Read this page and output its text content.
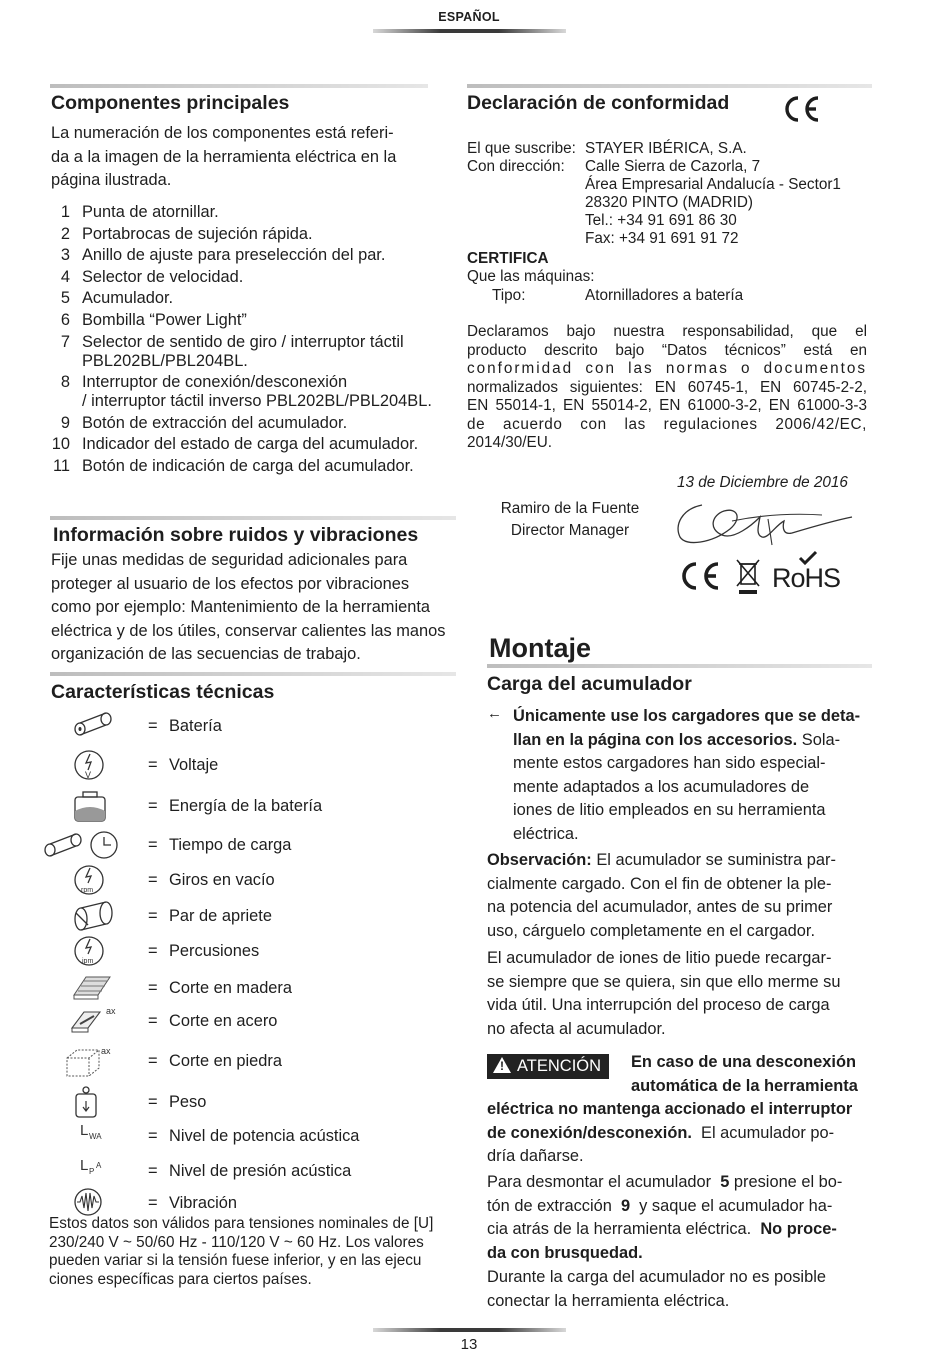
ESPAÑOL
Componentes principales
La numeración de los componentes está referi-
da a la imagen de la herramienta eléctrica en la
página ilustrada.
1 Punta de atornillar.
2 Portabrocas de sujeción rápida.
3 Anillo de ajuste para preselección del par.
4 Selector de velocidad.
5 Acumulador.
6 Bombilla “Power Light”
7 Selector de sentido de giro / interruptor táctil
PBL202BL/PBL204BL.
8 Interruptor de conexión/desconexión
/ interruptor táctil inverso PBL202BL/PBL204BL.
9 Botón de extracción del acumulador.
10 Indicador del estado de carga del acumulador.
11 Botón de indicación de carga del acumulador.
Información sobre ruidos y vibraciones
Fije unas medidas de seguridad adicionales para
proteger al usuario de los efectos por vibraciones
como por ejemplo: Mantenimiento de la herramienta
eléctrica y de los útiles, conservar calientes las manos
organización de las secuencias de trabajo.
Características técnicas
= Batería
V
= Voltaje
= Energía de la batería
= Tiempo de carga
rpm
= Giros en vacío
= Par de apriete
ipm
= Percusiones
= Corte en madera
ax
= Corte en acero
ax
= Corte en piedra
= Peso
L WA	= Nivel de potencia acústica
L P
A	= Nivel de presión acústica
= Vibración
Estos datos son válidos para tensiones nominales de [U]
230/240 V ~ 50/60 Hz - 110/120 V ~ 60 Hz. Los valores
pueden variar si la tensión fuese inferior, y en las ejecu
ciones específicas para ciertos países.
Declaración de conformidad
El que suscribe: STAYER IBÉRICA, S.A.
Con dirección: Calle Sierra de Cazorla, 7
Área Empresarial Andalucía - Sector1
28320 PINTO (MADRID)
Tel.: +34 91 691 86 30
Fax: +34 91 691 91 72
CERTIFICA
Que las máquinas:
Tipo:	Atornilladores a batería
Declaramos bajo nuestra responsabilidad, que el
producto descrito bajo “Datos técnicos” está en
conformidad con las normas o documentos
normalizados siguientes: EN 60745-1, EN 60745-2-2,
EN 55014-1, EN 55014-2, EN 61000-3-2, EN 61000-3-3
de acuerdo con las regulaciones 2006/42/EC,
2014/30/EU.
13 de Diciembre de 2016
Ramiro de la Fuente
Director Manager
RoHS
Montaje
Carga del acumulador
← Únicamente use los cargadores que se deta-
llan en la página con los accesorios. Sola-
mente estos cargadores han sido especial-
mente adaptados a los acumuladores de
iones de litio empleados en su herramienta
eléctrica.
Observación: El acumulador se suministra par-
cialmente cargado. Con el fin de obtener la ple-
na potencia del acumulador, antes de su primer
uso, cárguelo completamente en el cargador.
El acumulador de iones de litio puede recargar-
se siempre que se quiera, sin que ello merme su
vida útil. Una interrupción del proceso de carga
no afecta al acumulador.
! ATENCIÓN	En caso de una desconexión
automática de la herramienta
eléctrica no mantenga accionado el interruptor
de conexión/desconexión. El acumulador po-
dría dañarse.
Para desmontar el acumulador 5 presione el bo-
tón de extracción 9 y saque el acumulador ha-
cia atrás de la herramienta eléctrica. No proce-
da con brusquedad.
Durante la carga del acumulador no es posible
conectar la herramienta eléctrica.
13
